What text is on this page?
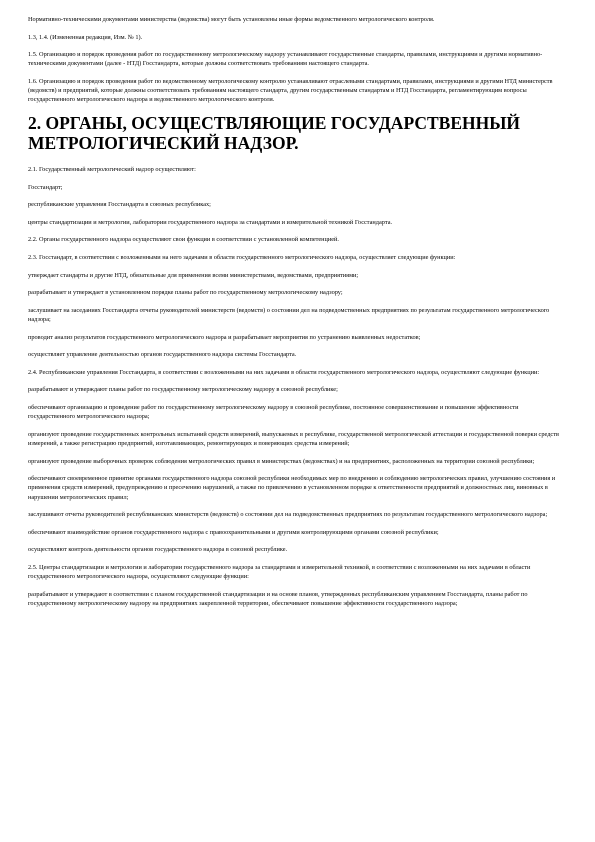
Нормативно-техническими документами министерства (ведомства) могут быть установлены иные формы ведомственного метрологического контроля.

1.3, 1.4. (Измененная редакция, Изм. № 1).

1.5. Организацию и порядок проведения работ по государственному метрологическому надзору устанавливают государственные стандарты, правилами, инструкциями и другими нормативно-техническими документами (далее - НТД) Госстандарта, которые должны соответствовать требованиям настоящего стандарта.

1.6. Организацию и порядок проведения работ по ведомственному метрологическому контролю устанавливают отраслевыми стандартами, правилами, инструкциями и другими НТД министерств (ведомств) и предприятий, которые должны соответствовать требованиям настоящего стандарта, другим государственным стандартам и НТД Госстандарта, регламентирующим вопросы государственного метрологического надзора и ведомственного метрологического контроля.

2. ОРГАНЫ, ОСУЩЕСТВЛЯЮЩИЕ ГОСУДАРСТВЕННЫЙ МЕТРОЛОГИЧЕСКИЙ НАДЗОР.

2.1. Государственный метрологический надзор осуществляют:

Госстандарт;

республиканские управления Госстандарта в союзных республиках;

центры стандартизации и метрологии, лаборатории государственного надзора за стандартами и измерительной техникой Госстандарта.

2.2. Органы государственного надзора осуществляют свои функции в соответствии с установленной компетенцией.

2.3. Госстандарт, в соответствии с возложенными на него задачами в области государственного метрологического надзора, осуществляет следующие функции:

утверждает стандарты и другие НТД, обязательные для применения всеми министерствами, ведомствами, предприятиями;

разрабатывает и утверждает в установленном порядке планы работ по государственному метрологическому надзору;

заслушивает на заседаниях Госстандарта отчеты руководителей министерств (ведомств) о состоянии дел на подведомственных предприятиях по результатам государственного метрологического надзора;

проводит анализ результатов государственного метрологического надзора и разрабатывает мероприятия по устранению выявленных недостатков;

осуществляет управление деятельностью органов государственного надзора системы Госстандарта.

2.4. Республиканские управления Госстандарта, в соответствии с возложенными на них задачами в области государственного метрологического надзора, осуществляют следующие функции:

разрабатывают и утверждают планы работ по государственному метрологическому надзору в союзной республике;

обеспечивают организацию и проведение работ по государственному метрологическому надзору в союзной республике, постоянное совершенствование и повышение эффективности государственного метрологического надзора;

организуют проведение государственных контрольных испытаний средств измерений, выпускаемых в республике, государственной метрологической аттестации и государственной поверки средств измерений, а также регистрацию предприятий, изготавливающих, ремонтирующих и поверяющих средства измерений;

организуют проведение выборочных проверок соблюдения метрологических правил в министерствах (ведомствах) и на предприятиях, расположенных на территории союзной республики;

обеспечивают своевременное принятие органами государственного надзора союзной республики необходимых мер по внедрению и соблюдению метрологических правил, улучшению состояния и применения средств измерений, предупреждению и пресечению нарушений, а также по привлечению в установленном порядке к ответственности предприятий и должностных лиц, виновных в нарушении метрологических правил;

заслушивают отчеты руководителей республиканских министерств (ведомств) о состоянии дел на подведомственных предприятиях по результатам государственного метрологического надзора;

обеспечивают взаимодействие органов государственного надзора с правоохранительными и другими контролирующими органами союзной республики;

осуществляют контроль деятельности органов государственного надзора в союзной республике.

2.5. Центры стандартизации и метрологии и лаборатории государственного надзора за стандартами и измерительной техникой, в соответствии с возложенными на них задачами в области государственного метрологического надзора, осуществляют следующие функции:

разрабатывают и утверждают в соответствии с планом государственной стандартизации и на основе планов, утвержденных республиканским управлением Госстандарта, планы работ по государственному метрологическому надзору на предприятиях закрепленной территории, обеспечивают повышение эффективности государственного надзора;
